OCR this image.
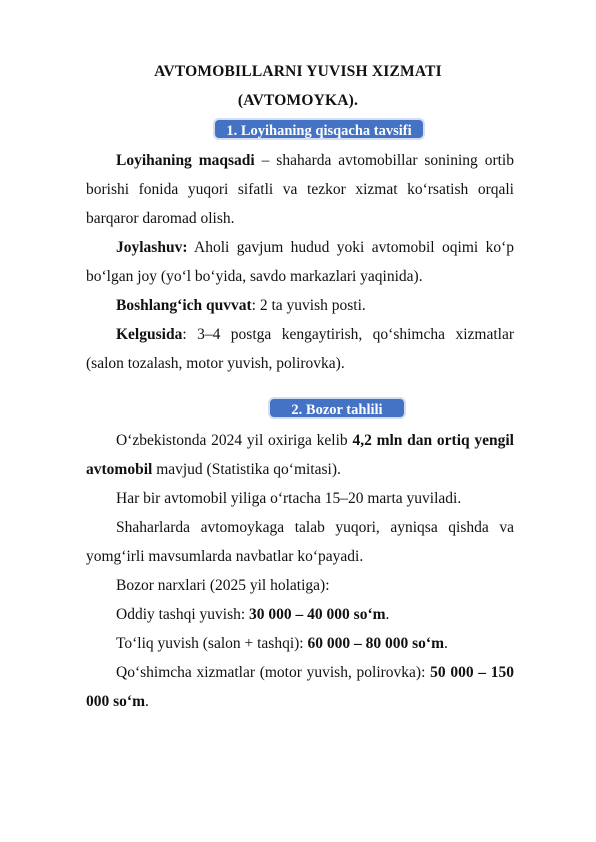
AVTOMOBILLARNI YUVISH XIZMATI
(AVTOMOYKA).
1. Loyihaning qisqacha tavsifi
Loyihaning maqsadi – shaharda avtomobillar sonining ortib borishi fonida yuqori sifatli va tezkor xizmat ko‘rsatish orqali barqaror daromad olish.
Joylashuv: Aholi gavjum hudud yoki avtomobil oqimi ko‘p bo‘lgan joy (yo‘l bo‘yida, savdo markazlari yaqinida).
Boshlang‘ich quvvat: 2 ta yuvish posti.
Kelgusida: 3–4 postga kengaytirish, qo‘shimcha xizmatlar (salon tozalash, motor yuvish, polirovka).
2. Bozor tahlili
O‘zbekistonda 2024 yil oxiriga kelib 4,2 mln dan ortiq yengil avtomobil mavjud (Statistika qo‘mitasi).
Har bir avtomobil yiliga o‘rtacha 15–20 marta yuviladi.
Shaharlarda avtomoykaga talab yuqori, ayniqsa qishda va yomg‘irli mavsumlarda navbatlar ko‘payadi.
Bozor narxlari (2025 yil holatiga):
Oddiy tashqi yuvish: 30 000 – 40 000 so‘m.
To‘liq yuvish (salon + tashqi): 60 000 – 80 000 so‘m.
Qo‘shimcha xizmatlar (motor yuvish, polirovka): 50 000 – 150 000 so‘m.
